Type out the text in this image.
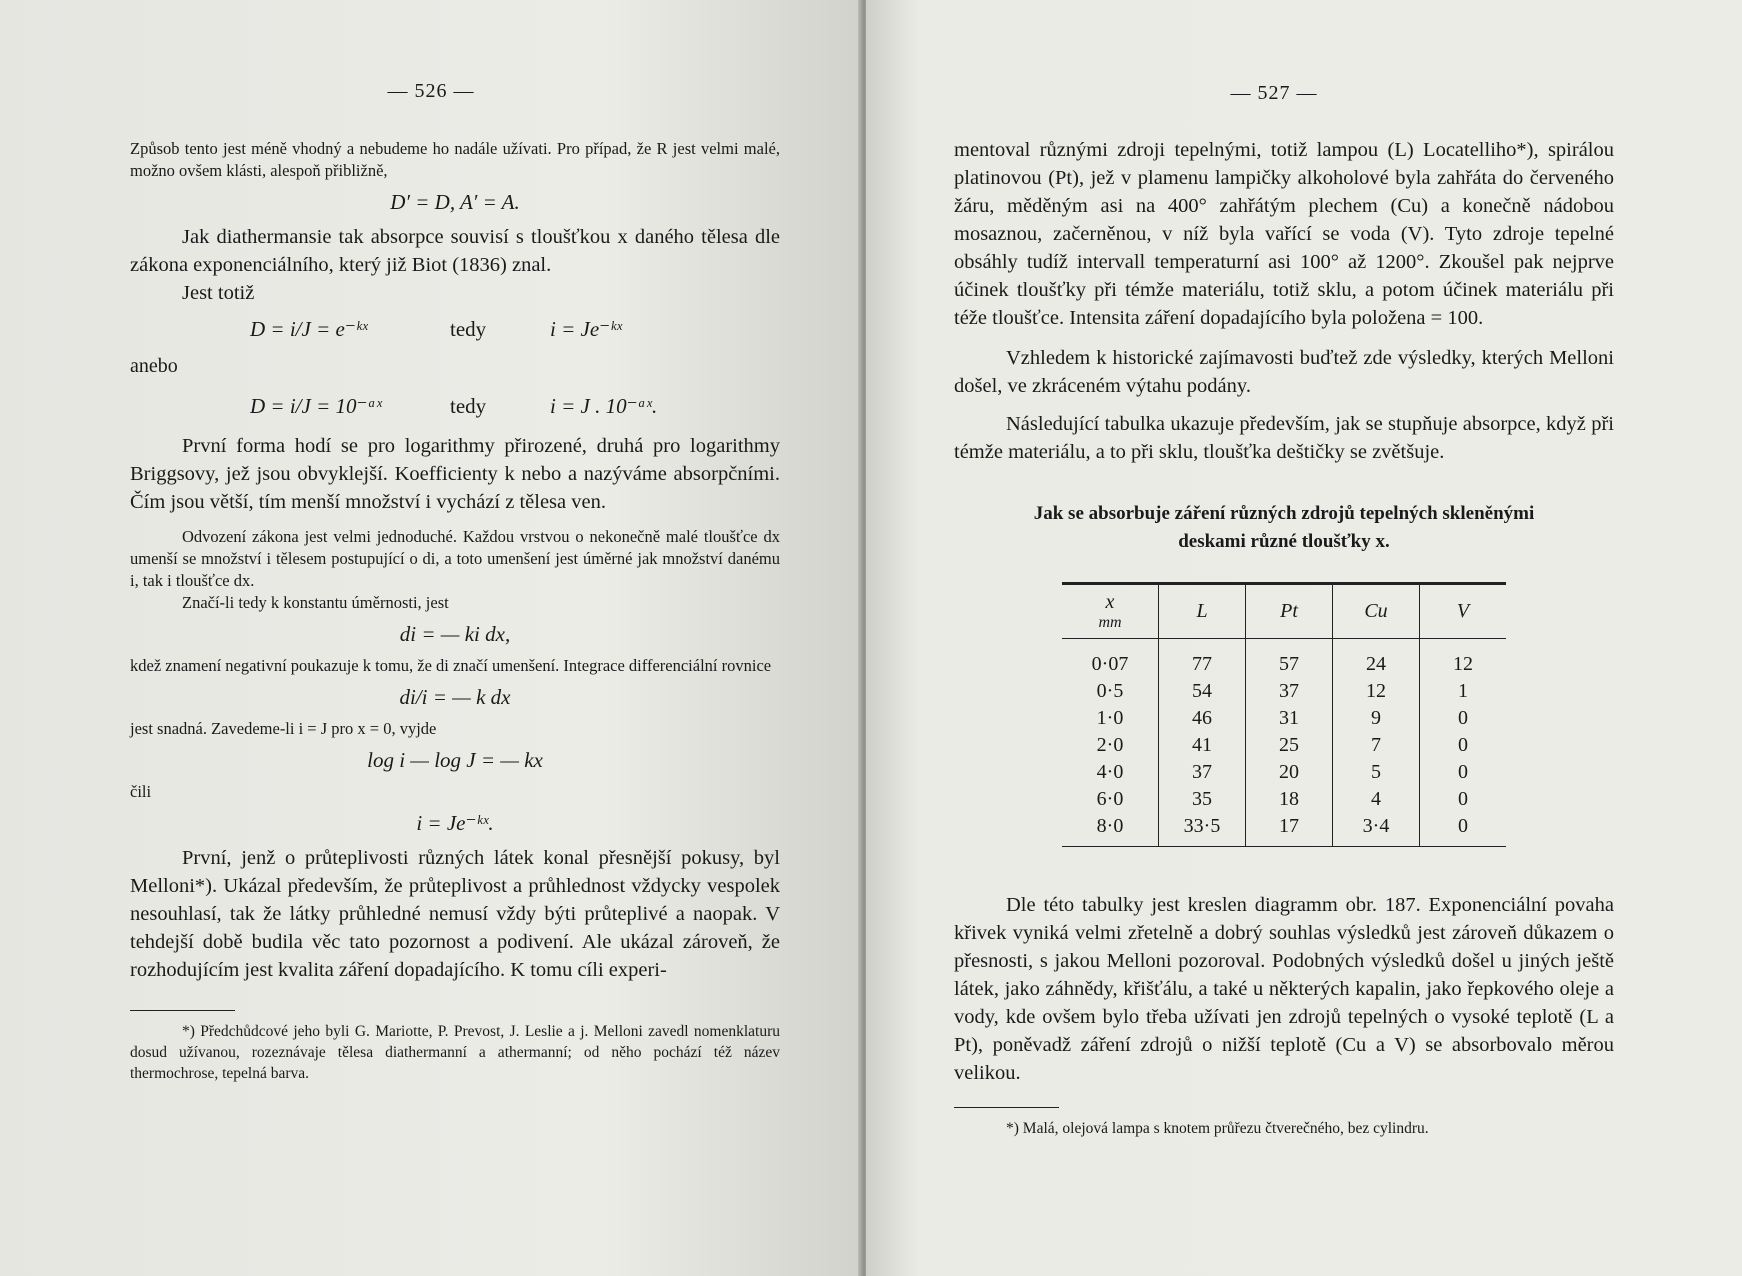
— 526 —

Způsob tento jest méně vhodný a nebudeme ho nadále užívati. Pro případ, že R jest velmi malé, možno ovšem klásti, alespoň přibližně,

D′ = D, A′ = A.

Jak diathermansie tak absorpce souvisí s tloušťkou x daného tělesa dle zákona exponenciálního, který již Biot (1836) znal.

Jest totiž

D = i/J = e⁻ᵏˣ	tedy	i = Je⁻ᵏˣ
anebo
D = i/J = 10⁻ᵃˣ	tedy	i = J . 10⁻ᵃˣ.

První forma hodí se pro logarithmy přirozené, druhá pro logarithmy Briggsovy, jež jsou obvyklejší. Koefficienty k nebo a nazýváme absorpčními. Čím jsou větší, tím menší množství i vychází z tělesa ven.

Odvození zákona jest velmi jednoduché. Každou vrstvou o nekonečně malé tloušťce dx umenší se množství i tělesem postupující o di, a toto umenšení jest úměrné jak množství danému i, tak i tloušťce dx.

Značí-li tedy k konstantu úměrnosti, jest

di = — ki dx,

kdež znamení negativní poukazuje k tomu, že di značí umenšení. Integrace differenciální rovnice

di/i = — k dx

jest snadná. Zavedeme-li i = J pro x = 0, vyjde

log i — log J = — kx
čili
i = Je⁻ᵏˣ.

První, jenž o průteplivosti různých látek konal přesnější pokusy, byl Melloni*). Ukázal především, že průteplivost a průhlednost vždycky vespolek nesouhlasí, tak že látky průhledné nemusí vždy býti průteplivé a naopak. V tehdejší době budila věc tato pozornost a podivení. Ale ukázal zároveň, že rozhodujícím jest kvalita záření dopadajícího. K tomu cíli experi-

*) Předchůdcové jeho byli G. Mariotte, P. Prevost, J. Leslie a j. Melloni zavedl nomenklaturu dosud užívanou, rozeznávaje tělesa diathermanní a athermanní; od něho pochází též název thermochrose, tepelná barva.

— 527 —

mentoval různými zdroji tepelnými, totiž lampou (L) Locatelliho*), spirálou platinovou (Pt), jež v plamenu lampičky alkoholové byla zahřáta do červeného žáru, měděným asi na 400° zahřátým plechem (Cu) a konečně nádobou mosaznou, začerněnou, v níž byla vařící se voda (V). Tyto zdroje tepelné obsáhly tudíž intervall temperaturní asi 100° až 1200°. Zkoušel pak nejprve účinek tloušťky při témže materiálu, totiž sklu, a potom účinek materiálu při téže tloušťce. Intensita záření dopadajícího byla položena = 100.

Vzhledem k historické zajímavosti buďtež zde výsledky, kterých Melloni došel, ve zkráceném výtahu podány.

Následující tabulka ukazuje především, jak se stupňuje absorpce, když při témže materiálu, a to při sklu, tloušťka deštičky se zvětšuje.

Jak se absorbuje záření různých zdrojů tepelných skleněnými
deskami různé tloušťky x.
x
mm	L	Pt	Cu	V
0·07	77	57	24	12
0·5	54	37	12	1
1·0	46	31	9	0
2·0	41	25	7	0
4·0	37	20	5	0
6·0	35	18	4	0
8·0	33·5	17	3·4	0

Dle této tabulky jest kreslen diagramm obr. 187. Exponenciální povaha křivek vyniká velmi zřetelně a dobrý souhlas výsledků jest zároveň důkazem o přesnosti, s jakou Melloni pozoroval. Podobných výsledků došel u jiných ještě látek, jako záhnědy, křišťálu, a také u některých kapalin, jako řepkového oleje a vody, kde ovšem bylo třeba užívati jen zdrojů tepelných o vysoké teplotě (L a Pt), poněvadž záření zdrojů o nižší teplotě (Cu a V) se absorbovalo měrou velikou.

*) Malá, olejová lampa s knotem průřezu čtverečného, bez cylindru.
